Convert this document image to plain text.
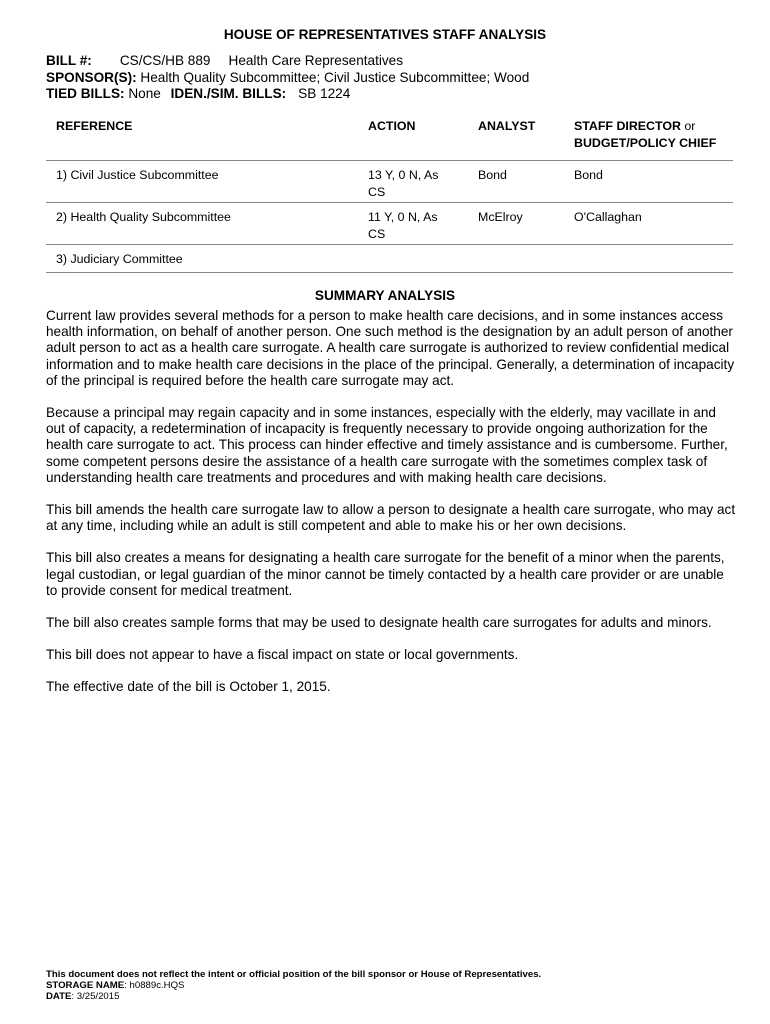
HOUSE OF REPRESENTATIVES STAFF ANALYSIS
BILL #: CS/CS/HB 889 Health Care Representatives
SPONSOR(S): Health Quality Subcommittee; Civil Justice Subcommittee; Wood
TIED BILLS: None IDEN./SIM. BILLS: SB 1224
REFERENCE	ACTION	ANALYST	STAFF DIRECTOR or
BUDGET/POLICY CHIEF
1) Civil Justice Subcommittee	13 Y, 0 N, As
CS	Bond	Bond
2) Health Quality Subcommittee	11 Y, 0 N, As
CS	McElroy	O'Callaghan
3) Judiciary Committee			
SUMMARY ANALYSIS

Current law provides several methods for a person to make health care decisions, and in some instances access health information, on behalf of another person. One such method is the designation by an adult person of another adult person to act as a health care surrogate. A health care surrogate is authorized to review confidential medical information and to make health care decisions in the place of the principal. Generally, a determination of incapacity of the principal is required before the health care surrogate may act.

Because a principal may regain capacity and in some instances, especially with the elderly, may vacillate in and out of capacity, a redetermination of incapacity is frequently necessary to provide ongoing authorization for the health care surrogate to act. This process can hinder effective and timely assistance and is cumbersome. Further, some competent persons desire the assistance of a health care surrogate with the sometimes complex task of understanding health care treatments and procedures and with making health care decisions.

This bill amends the health care surrogate law to allow a person to designate a health care surrogate, who may act at any time, including while an adult is still competent and able to make his or her own decisions.

This bill also creates a means for designating a health care surrogate for the benefit of a minor when the parents, legal custodian, or legal guardian of the minor cannot be timely contacted by a health care provider or are unable to provide consent for medical treatment.

The bill also creates sample forms that may be used to designate health care surrogates for adults and minors.

This bill does not appear to have a fiscal impact on state or local governments.

The effective date of the bill is October 1, 2015.

This document does not reflect the intent or official position of the bill sponsor or House of Representatives.
STORAGE NAME: h0889c.HQS
DATE: 3/25/2015
